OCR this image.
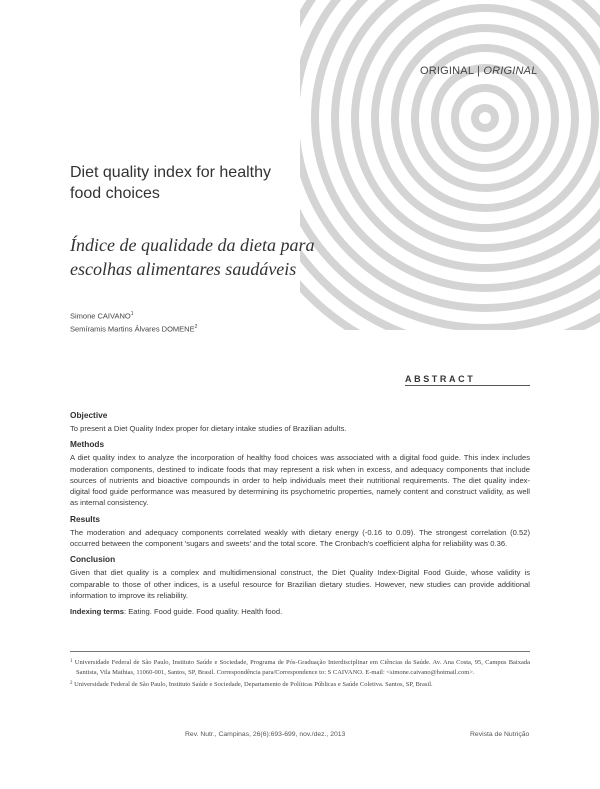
ORIGINAL | ORIGINAL
Diet quality index for healthy food choices
Índice de qualidade da dieta para escolhas alimentares saudáveis
Simone CAIVANO$^1$
Semíramis Martins Álvares DOMENE$^2$
ABSTRACT
Objective

To present a Diet Quality Index proper for dietary intake studies of Brazilian adults.

Methods

A diet quality index to analyze the incorporation of healthy food choices was associated with a digital food guide. This index includes moderation components, destined to indicate foods that may represent a risk when in excess, and adequacy components that include sources of nutrients and bioactive compounds in order to help individuals meet their nutritional requirements. The diet quality index-digital food guide performance was measured by determining its psychometric properties, namely content and construct validity, as well as internal consistency.

Results

The moderation and adequacy components correlated weakly with dietary energy (-0.16 to 0.09). The strongest correlation (0.52) occurred between the component 'sugars and sweets' and the total score. The Cronbach's coefficient alpha for reliability was 0.36.

Conclusion

Given that diet quality is a complex and multidimensional construct, the Diet Quality Index-Digital Food Guide, whose validity is comparable to those of other indices, is a useful resource for Brazilian dietary studies. However, new studies can provide additional information to improve its reliability.

Indexing terms: Eating. Food guide. Food quality. Health food.

$^1$ Universidade Federal de São Paulo, Instituto Saúde e Sociedade, Programa de Pós-Graduação Interdisciplinar em Ciências da Saúde. Av. Ana Costa, 95, Campus Baixada Santista, Vila Mathias, 11060-001, Santos, SP, Brasil. Correspondência para/Correspondence to: S CAIVANO. E-mail: <simone.caivano@hotmail.com>.

$^2$ Universidade Federal de São Paulo, Instituto Saúde e Sociedade, Departamento de Políticas Públicas e Saúde Coletiva. Santos, SP, Brasil.

Rev. Nutr., Campinas, 26(6):693-699, nov./dez., 2013	Revista de Nutrição
